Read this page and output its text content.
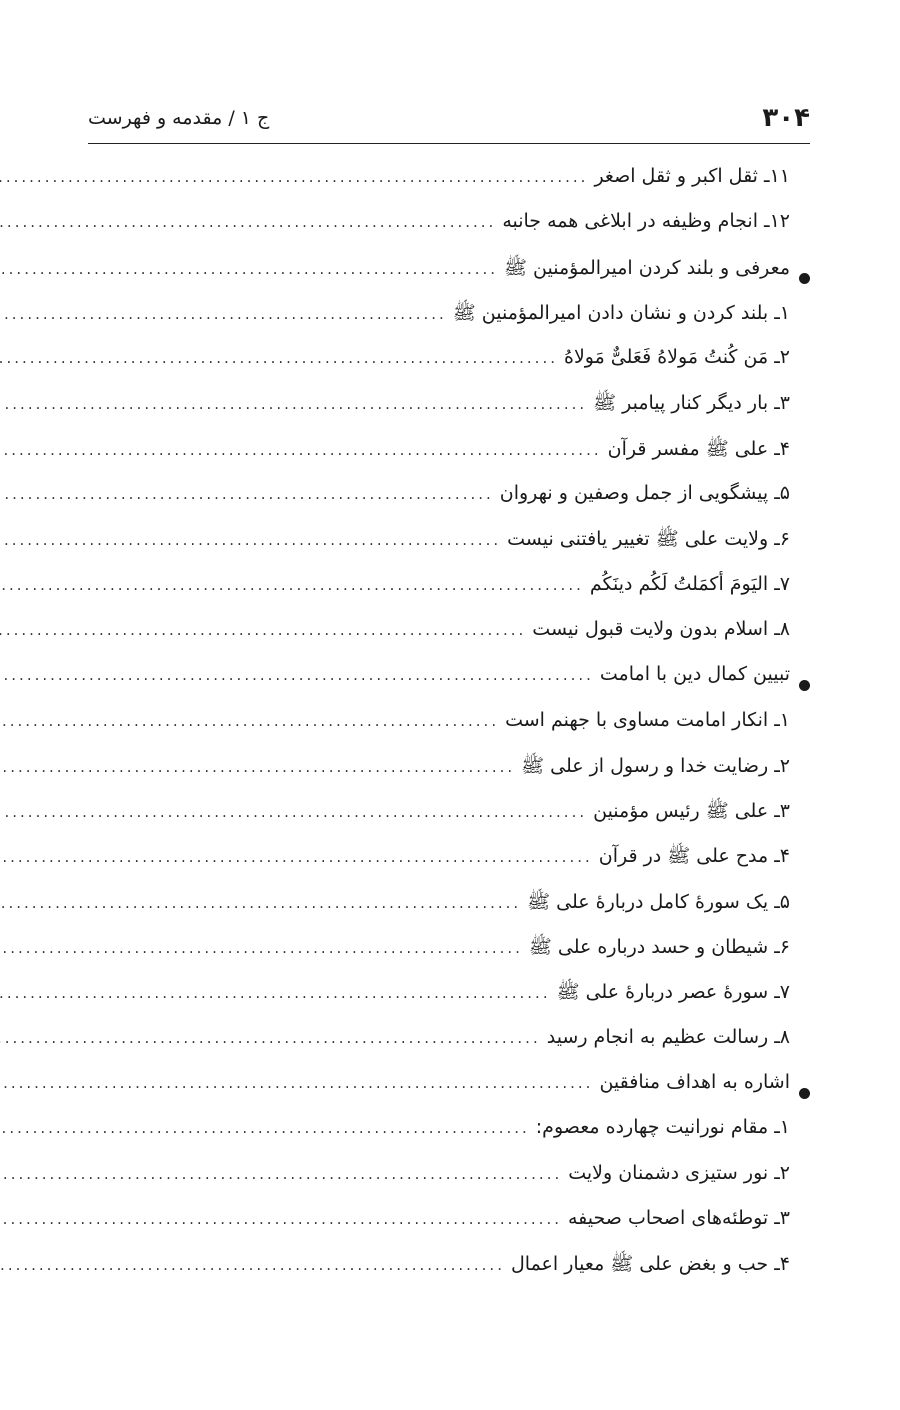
۳۰۴
ج ۱ / مقدمه و فهرست
۱۱ـ ثقل اکبر و ثقل اصغر
.....
۱۲ـ انجام وظیفه در ابلاغی همه جانبه
.....
معرفی و بلند کردن امیرالمؤمنین ﷺ
.....
۱ـ بلند کردن و نشان دادن امیرالمؤمنین ﷺ
.....
۲ـ مَن کُنتُ مَولاهُ فَعَلیٌّ مَولاهُ
.....
۳ـ بار دیگر کنار پیامبر ﷺ
.....
۴ـ علی ﷺ مفسر قرآن
.....
۵ـ پیشگویی از جمل وصفین و نهروان
.....
۶ـ ولایت علی ﷺ تغییر یافتنی نیست
.....
۷ـ الیَومَ أکمَلتُ لَکُم دینَکُم
.....
۸ـ اسلام بدون ولایت قبول نیست
.....
تبیین کمال دین با امامت
.....
۱ـ انکار امامت مساوی با جهنم است
.....
۲ـ رضایت خدا و رسول از علی ﷺ
.....
۳ـ علی ﷺ رئیس مؤمنین
.....
۴ـ مدح علی ﷺ در قرآن
.....
۵ـ یک سورهٔ کامل دربارهٔ علی ﷺ
.....
۶ـ شیطان و حسد درباره علی ﷺ
.....
۷ـ سورهٔ عصر دربارهٔ علی ﷺ
.....
۸ـ رسالت عظیم به انجام رسید
.....
اشاره به اهداف منافقین
.....
۱ـ مقام نورانیت چهارده معصوم:
.....
۲ـ نور ستیزی دشمنان ولایت
.....
۳ـ توطئه‌های اصحاب صحیفه
.....
۴ـ حب و بغض علی ﷺ معیار اعمال
.....
